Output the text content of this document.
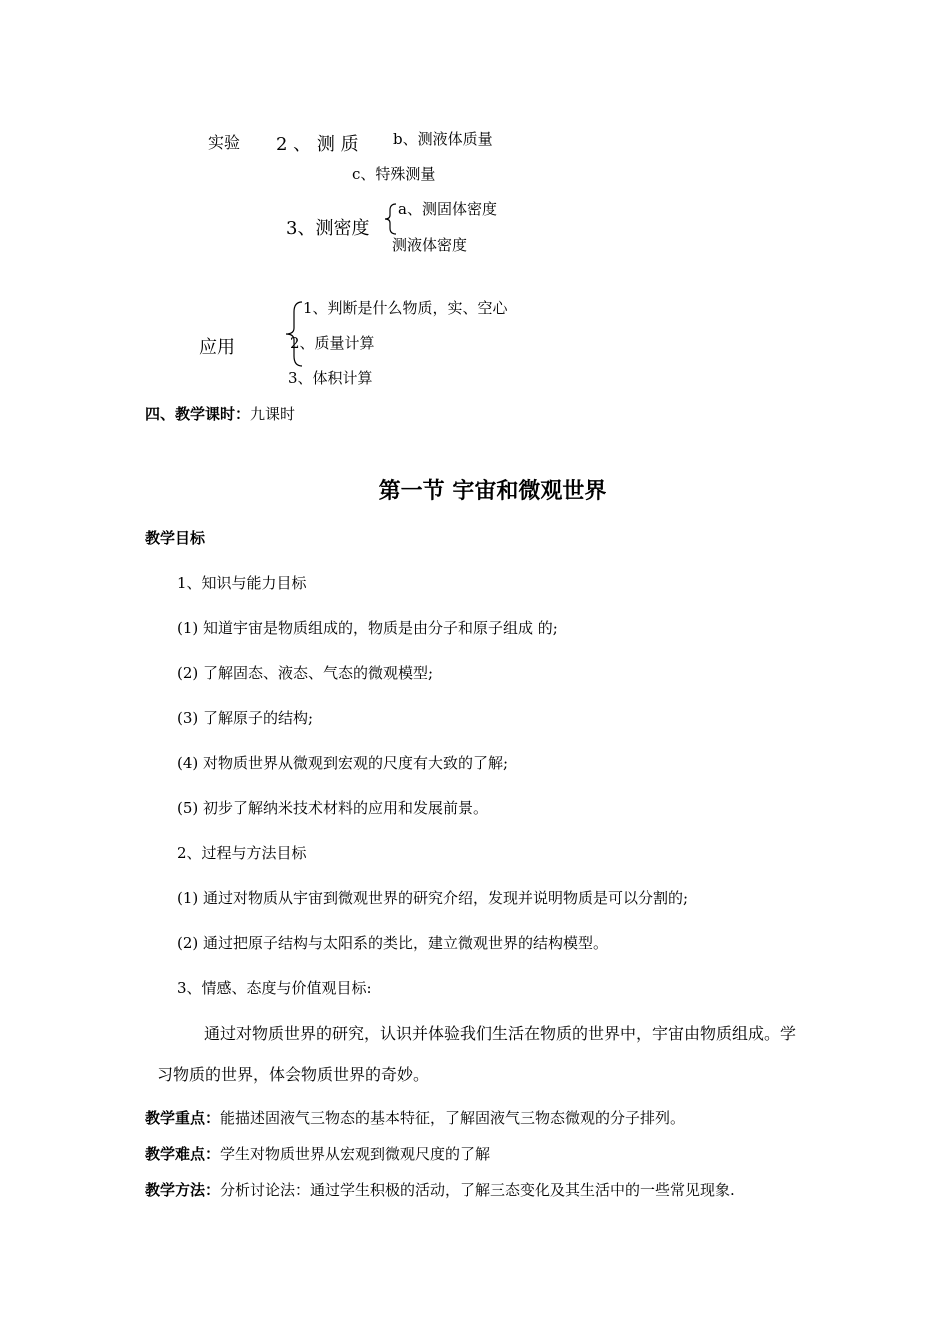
实验 2 、 测 质 b、测液体质量
c、特殊测量
3、测密度
a、测固体密度
测液体密度
应用
1、判断是什么物质，实、空心
2、质量计算
3、体积计算
四、教学课时：九课时
第一节 宇宙和微观世界
教学目标
1、知识与能力目标
(1) 知道宇宙是物质组成的，物质是由分子和原子组成 的;
(2) 了解固态、液态、气态的微观模型;
(3) 了解原子的结构;
(4) 对物质世界从微观到宏观的尺度有大致的了解;
(5) 初步了解纳米技术材料的应用和发展前景。
2、过程与方法目标
(1) 通过对物质从宇宙到微观世界的研究介绍，发现并说明物质是可以分割的;
(2) 通过把原子结构与太阳系的类比，建立微观世界的结构模型。
3、情感、态度与价值观目标:
通过对物质世界的研究，认识并体验我们生活在物质的世界中，宇宙由物质组成。学
习物质的世界，体会物质世界的奇妙。
教学重点：能描述固液气三物态的基本特征，了解固液气三物态微观的分子排列。
教学难点：学生对物质世界从宏观到微观尺度的了解
教学方法：分析讨论法：通过学生积极的活动，了解三态变化及其生活中的一些常见现象.
